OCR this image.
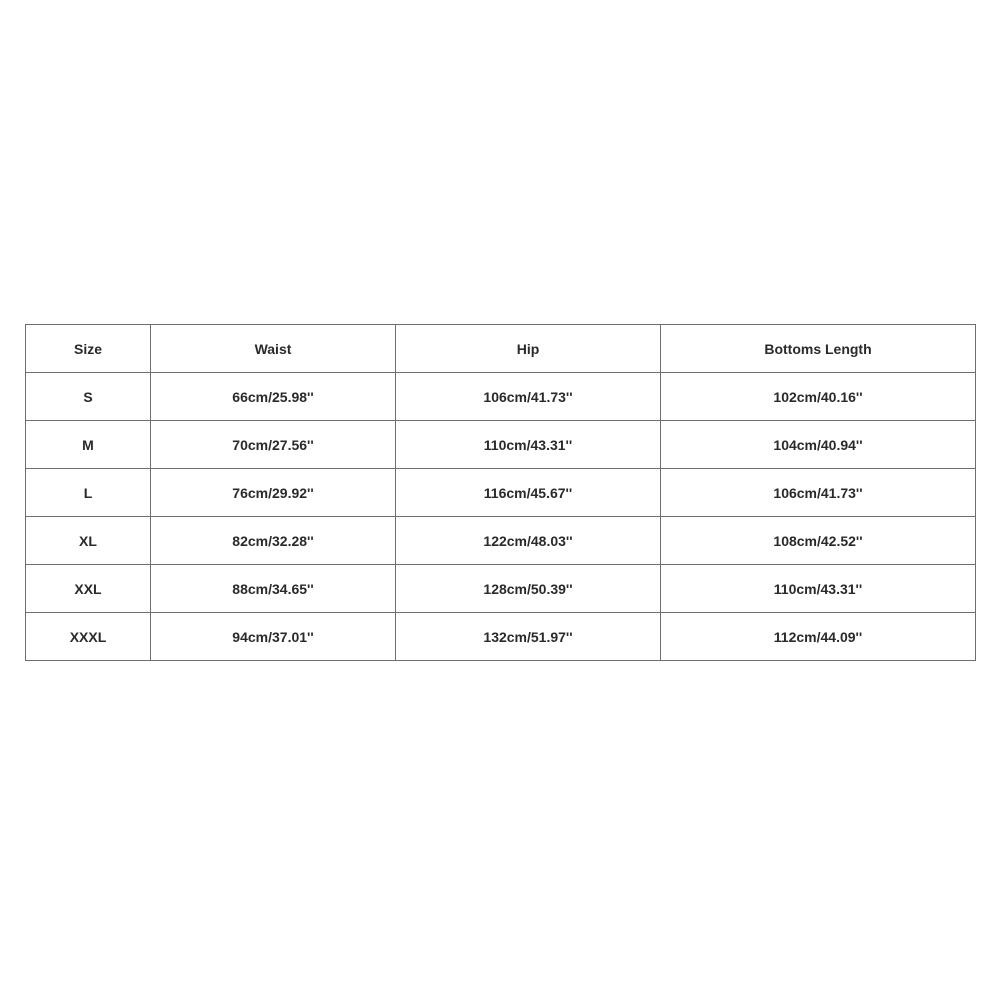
Size	Waist	Hip	Bottoms Length
S	66cm/25.98''	106cm/41.73''	102cm/40.16''
M	70cm/27.56''	110cm/43.31''	104cm/40.94''
L	76cm/29.92''	116cm/45.67''	106cm/41.73''
XL	82cm/32.28''	122cm/48.03''	108cm/42.52''
XXL	88cm/34.65''	128cm/50.39''	110cm/43.31''
XXXL	94cm/37.01''	132cm/51.97''	112cm/44.09''
